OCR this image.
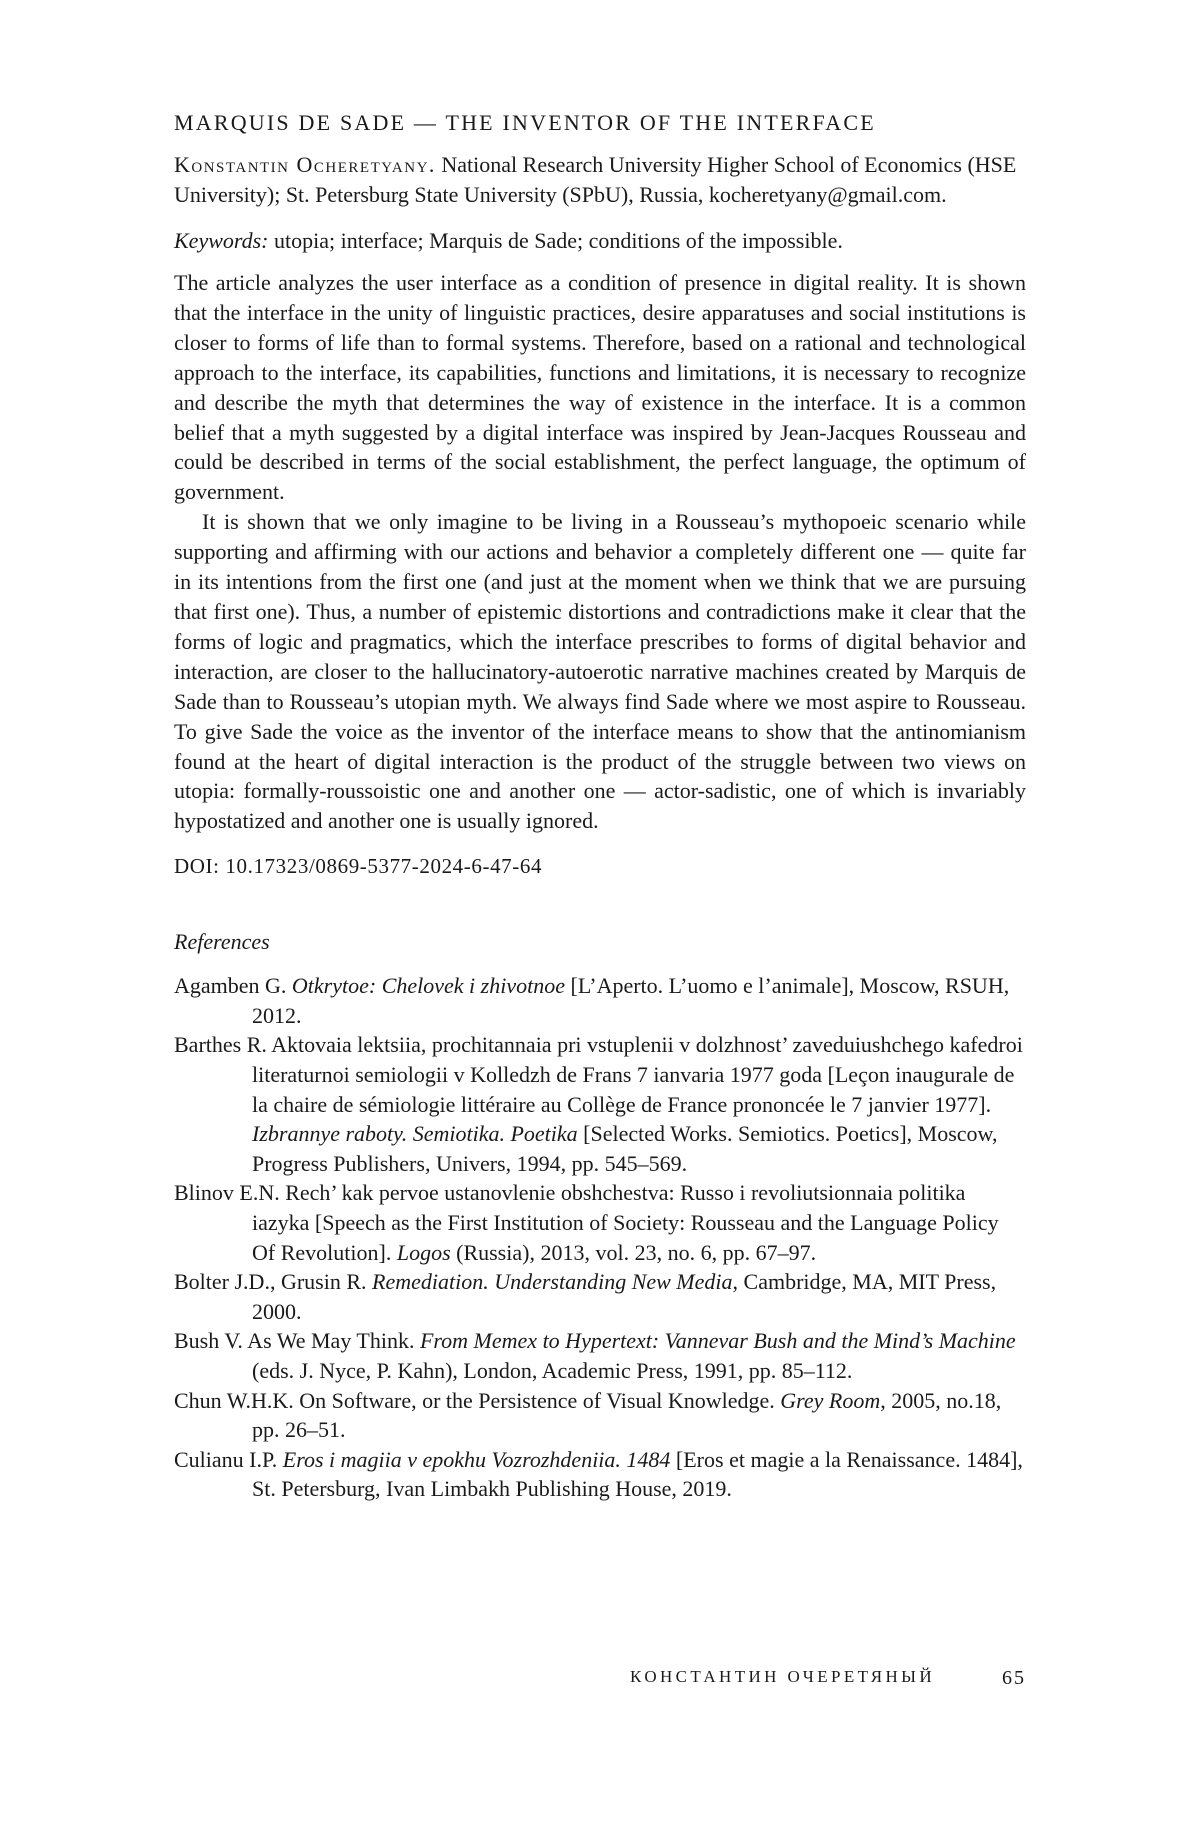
MARQUIS DE SADE — THE INVENTOR OF THE INTERFACE

Konstantin Ocheretyany. National Research University Higher School of Economics (HSE University); St. Petersburg State University (SPbU), Russia, kocheretyany@gmail.com.

Keywords: utopia; interface; Marquis de Sade; conditions of the impossible.

The article analyzes the user interface as a condition of presence in digital reality. It is shown that the interface in the unity of linguistic practices, desire apparatuses and social institutions is closer to forms of life than to formal systems. Therefore, based on a rational and technological approach to the interface, its capabilities, functions and limitations, it is necessary to recognize and describe the myth that determines the way of existence in the interface. It is a common belief that a myth suggested by a digital interface was inspired by Jean-Jacques Rousseau and could be described in terms of the social establishment, the perfect language, the optimum of government.

It is shown that we only imagine to be living in a Rousseau’s mythopoeic scenario while supporting and affirming with our actions and behavior a completely different one — quite far in its intentions from the first one (and just at the moment when we think that we are pursuing that first one). Thus, a number of epistemic distortions and contradictions make it clear that the forms of logic and pragmatics, which the interface prescribes to forms of digital behavior and interaction, are closer to the hallucinatory-autoerotic narrative machines created by Marquis de Sade than to Rousseau’s utopian myth. We always find Sade where we most aspire to Rousseau. To give Sade the voice as the inventor of the interface means to show that the antinomianism found at the heart of digital interaction is the product of the struggle between two views on utopia: formally-roussoistic one and another one — actor-sadistic, one of which is invariably hypostatized and another one is usually ignored.

DOI: 10.17323/0869-5377-2024-6-47-64

References

Agamben G. Otkrytoe: Chelovek i zhivotnoe [L’Aperto. L’uomo e l’animale], Moscow, RSUH, 2012.
Barthes R. Aktovaia lektsiia, prochitannaia pri vstuplenii v dolzhnost’ zaveduiushchego kafedroi literaturnoi semiologii v Kolledzh de Frans 7 ianvaria 1977 goda [Leçon inaugurale de la chaire de sémiologie littéraire au Collège de France prononcée le 7 janvier 1977]. Izbrannye raboty. Semiotika. Poetika [Selected Works. Semiotics. Poetics], Moscow, Progress Publishers, Univers, 1994, pp. 545–569.
Blinov E.N. Rech’ kak pervoe ustanovlenie obshchestva: Russo i revoliutsionnaia politika iazyka [Speech as the First Institution of Society: Rousseau and the Language Policy Of Revolution]. Logos (Russia), 2013, vol. 23, no. 6, pp. 67–97.
Bolter J.D., Grusin R. Remediation. Understanding New Media, Cambridge, MA, MIT Press, 2000.
Bush V. As We May Think. From Memex to Hypertext: Vannevar Bush and the Mind’s Machine (eds. J. Nyce, P. Kahn), London, Academic Press, 1991, pp. 85–112.
Chun W.H.K. On Software, or the Persistence of Visual Knowledge. Grey Room, 2005, no.18, pp. 26–51.
Culianu I.P. Eros i magiia v epokhu Vozrozhdeniia. 1484 [Eros et magie a la Renaissance. 1484], St. Petersburg, Ivan Limbakh Publishing House, 2019.
КОНСТАНТИН ОЧЕРЕТЯНЫЙ	65
